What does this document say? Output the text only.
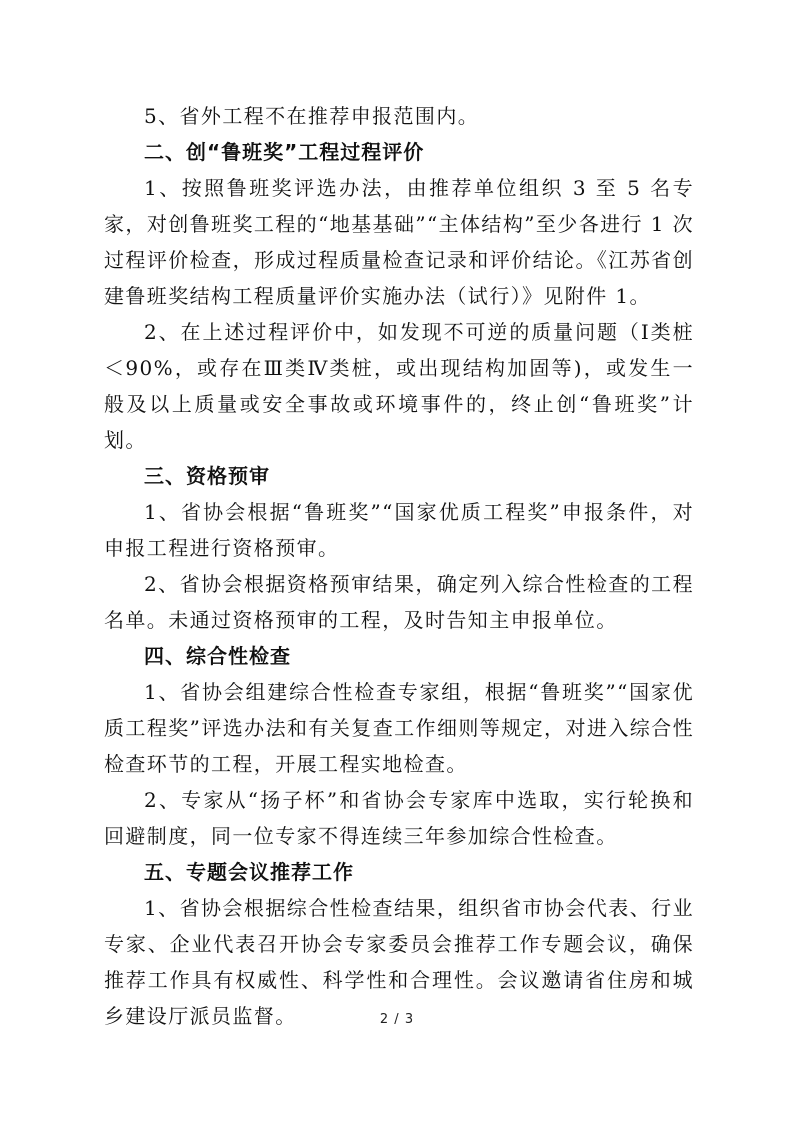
5、省外工程不在推荐申报范围内。

二、创“鲁班奖”工程过程评价

1、按照鲁班奖评选办法，由推荐单位组织 3 至 5 名专家，对创鲁班奖工程的“地基基础”“主体结构”至少各进行 1 次过程评价检查，形成过程质量检查记录和评价结论。《江苏省创建鲁班奖结构工程质量评价实施办法（试行）》见附件 1。

2、在上述过程评价中，如发现不可逆的质量问题（Ⅰ类桩＜90%，或存在Ⅲ类Ⅳ类桩，或出现结构加固等)，或发生一般及以上质量或安全事故或环境事件的，终止创“鲁班奖”计划。

三、资格预审

1、省协会根据“鲁班奖”“国家优质工程奖”申报条件，对申报工程进行资格预审。

2、省协会根据资格预审结果，确定列入综合性检查的工程名单。未通过资格预审的工程，及时告知主申报单位。

四、综合性检查

1、省协会组建综合性检查专家组，根据“鲁班奖”“国家优质工程奖”评选办法和有关复查工作细则等规定，对进入综合性检查环节的工程，开展工程实地检查。

2、专家从“扬子杯”和省协会专家库中选取，实行轮换和回避制度，同一位专家不得连续三年参加综合性检查。

五、专题会议推荐工作

1、省协会根据综合性检查结果，组织省市协会代表、行业专家、企业代表召开协会专家委员会推荐工作专题会议，确保推荐工作具有权威性、科学性和合理性。会议邀请省住房和城乡建设厅派员监督。	2 / 3
